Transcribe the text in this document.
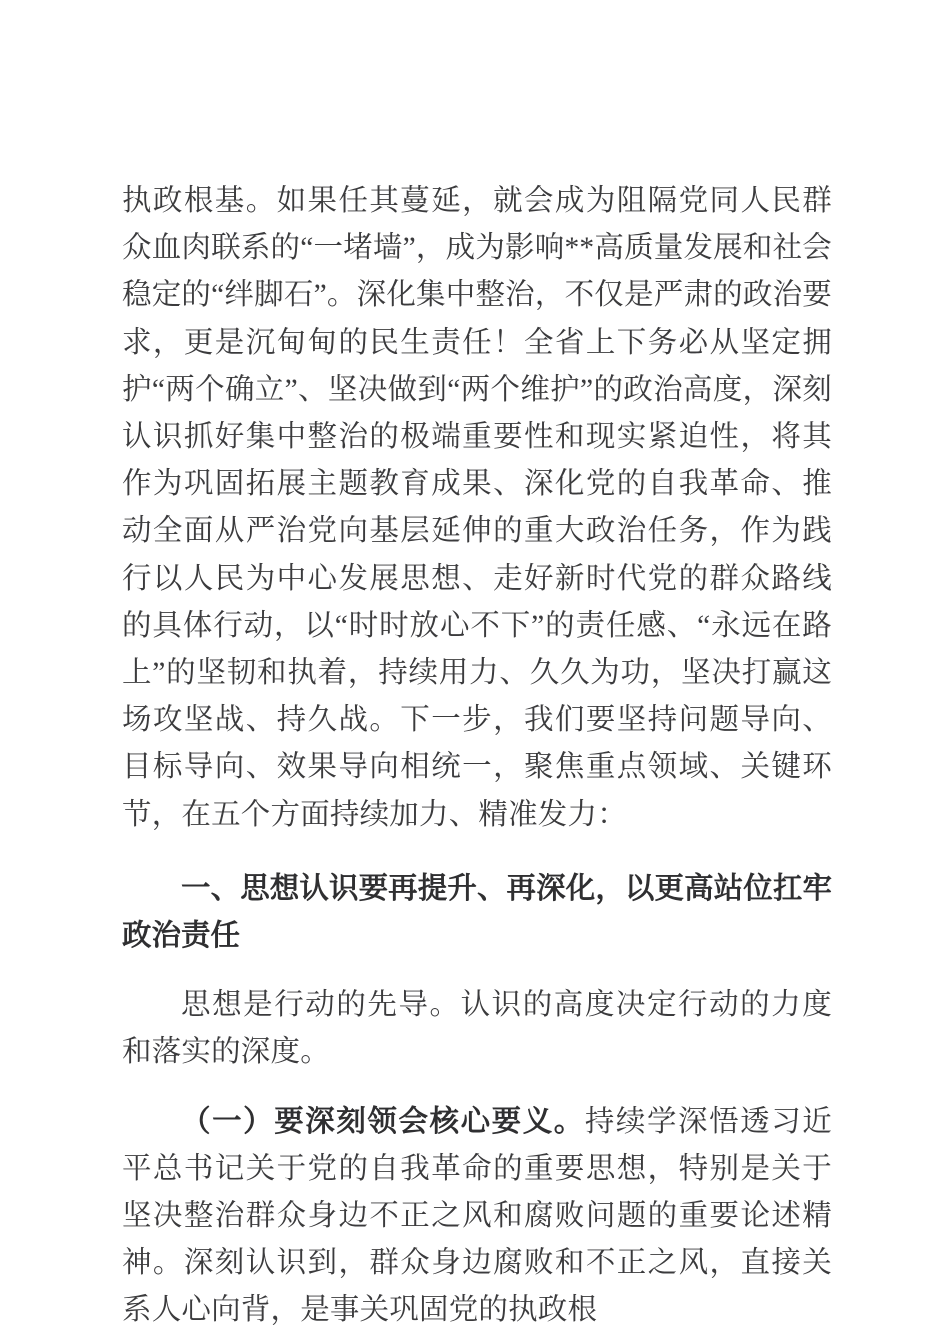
执政根基。如果任其蔓延，就会成为阻隔党同人民群众血肉联系的“一堵墙”，成为影响**高质量发展和社会稳定的“绊脚石”。深化集中整治，不仅是严肃的政治要求，更是沉甸甸的民生责任！全省上下务必从坚定拥护“两个确立”、坚决做到“两个维护”的政治高度，深刻认识抓好集中整治的极端重要性和现实紧迫性，将其作为巩固拓展主题教育成果、深化党的自我革命、推动全面从严治党向基层延伸的重大政治任务，作为践行以人民为中心发展思想、走好新时代党的群众路线的具体行动，以“时时放心不下”的责任感、“永远在路上”的坚韧和执着，持续用力、久久为功，坚决打赢这场攻坚战、持久战。下一步，我们要坚持问题导向、目标导向、效果导向相统一，聚焦重点领域、关键环节，在五个方面持续加力、精准发力：

一、思想认识要再提升、再深化，以更高站位扛牢政治责任

思想是行动的先导。认识的高度决定行动的力度和落实的深度。

（一）要深刻领会核心要义。持续学深悟透习近平总书记关于党的自我革命的重要思想，特别是关于坚决整治群众身边不正之风和腐败问题的重要论述精神。深刻认识到，群众身边腐败和不正之风，直接关系人心向背，是事关巩固党的执政根
